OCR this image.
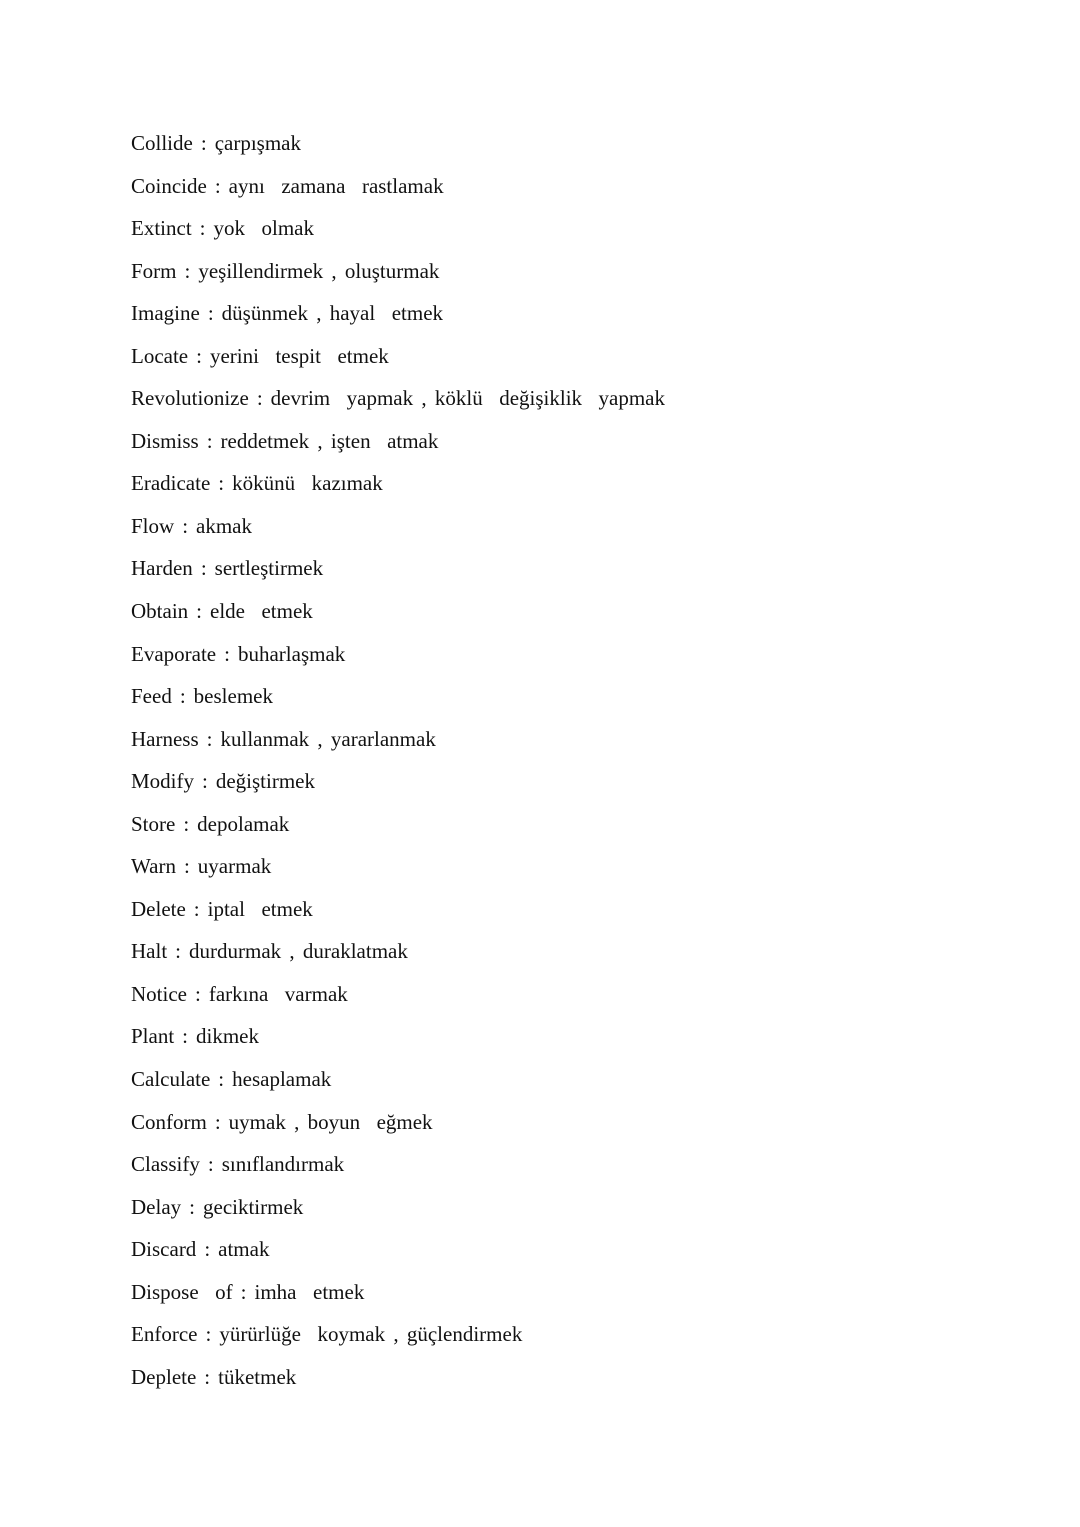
Collide : çarpışmak
Coincide : aynı  zamana  rastlamak
Extinct : yok  olmak
Form : yeşillendirmek , oluşturmak
Imagine : düşünmek , hayal  etmek
Locate : yerini  tespit  etmek
Revolutionize : devrim  yapmak , köklü  değişiklik  yapmak
Dismiss : reddetmek , işten  atmak
Eradicate : kökünü  kazımak
Flow : akmak
Harden : sertleştirmek
Obtain : elde  etmek
Evaporate : buharlaşmak
Feed : beslemek
Harness : kullanmak , yararlanmak
Modify : değiştirmek
Store : depolamak
Warn : uyarmak
Delete : iptal  etmek
Halt : durdurmak , duraklatmak
Notice : farkına  varmak
Plant : dikmek
Calculate : hesaplamak
Conform : uymak , boyun  eğmek
Classify : sınıflandırmak
Delay : geciktirmek
Discard : atmak
Dispose  of : imha  etmek
Enforce : yürürlüğe  koymak , güçlendirmek
Deplete : tüketmek
